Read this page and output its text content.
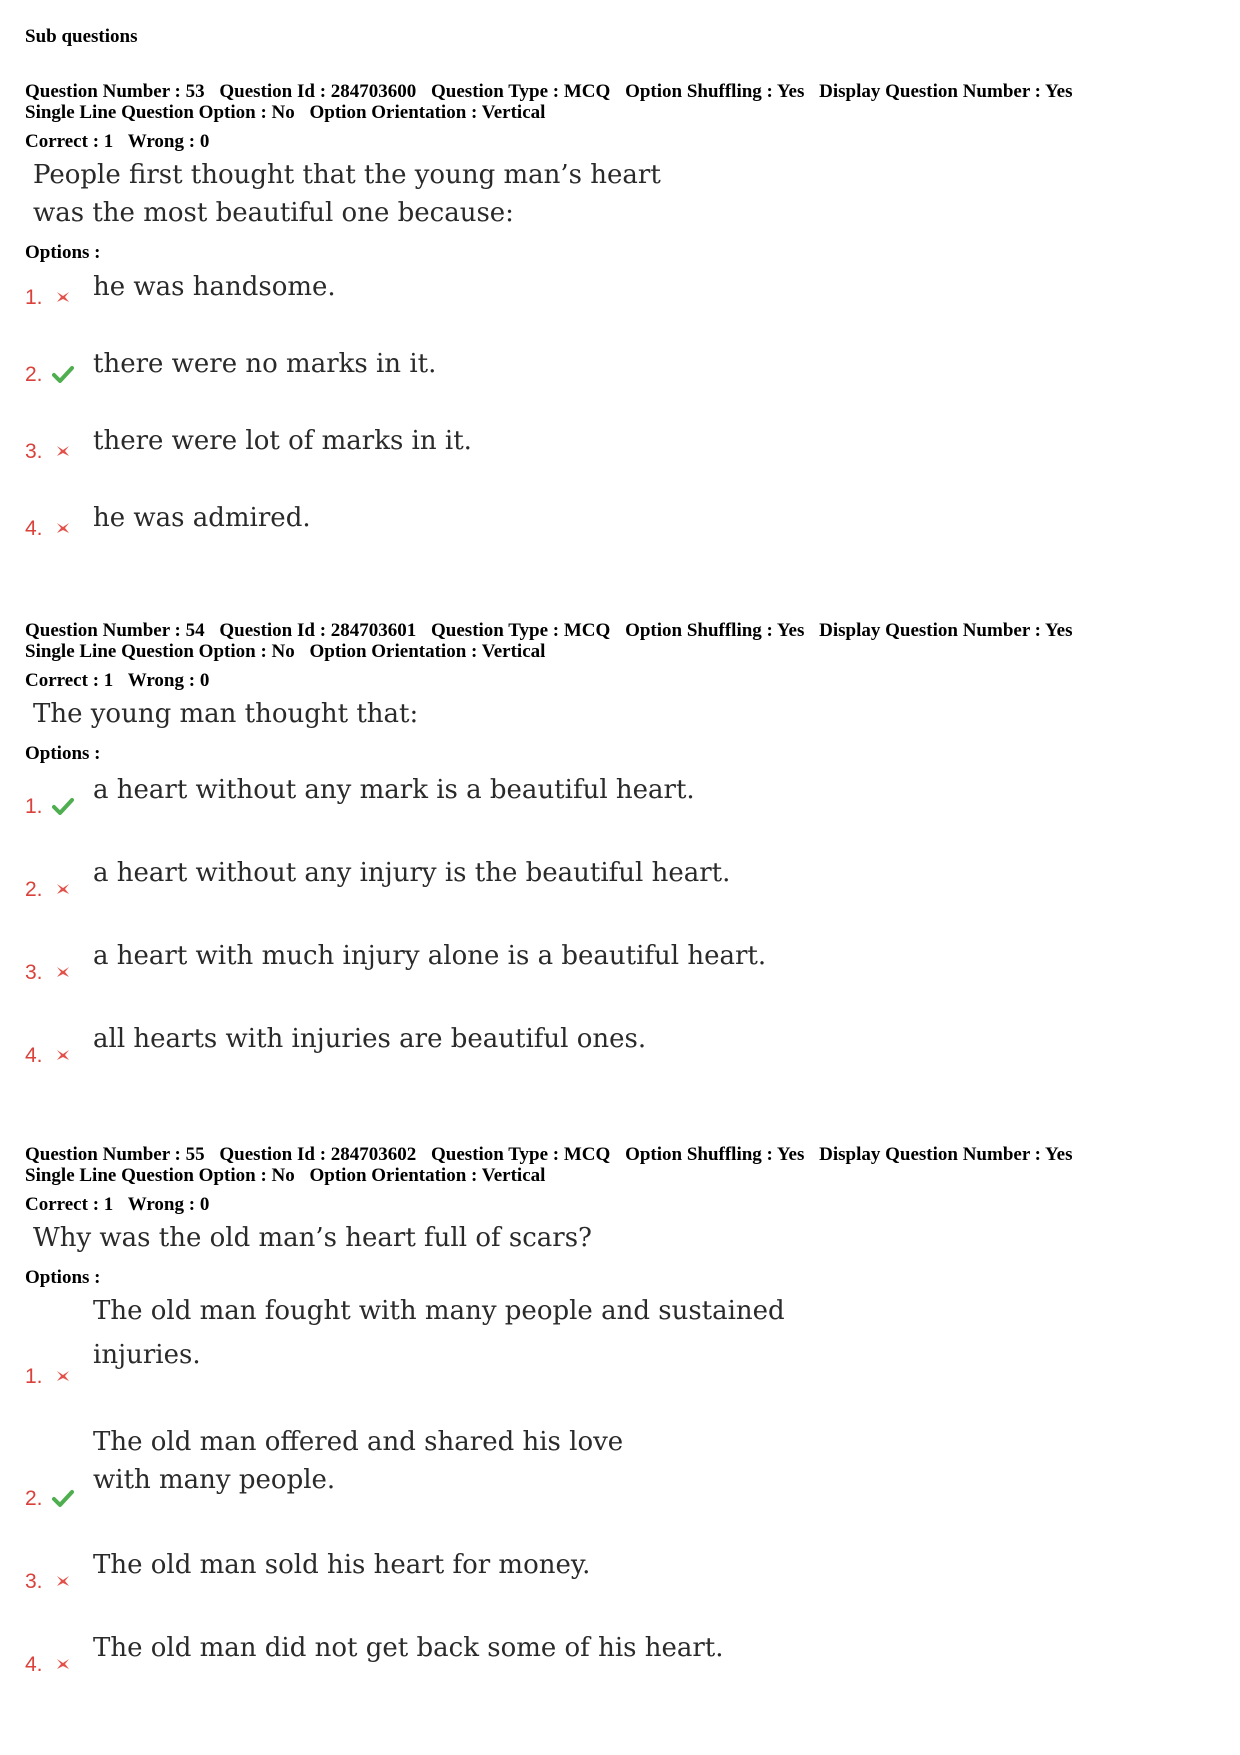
Sub questions
Question Number : 53 Question Id : 284703600 Question Type : MCQ Option Shuffling : Yes Display Question Number : Yes
Single Line Question Option : No Option Orientation : Vertical
Correct : 1 Wrong : 0
People first thought that the young man’s heart
was the most beautiful one because:
Options :
1. he was handsome.
2. there were no marks in it.
3. there were lot of marks in it.
4. he was admired.
Question Number : 54 Question Id : 284703601 Question Type : MCQ Option Shuffling : Yes Display Question Number : Yes
Single Line Question Option : No Option Orientation : Vertical
Correct : 1 Wrong : 0
The young man thought that:
Options :
1.
a heart without any mark is a beautiful heart.
2.
a heart without any injury is the beautiful heart.
3.
a heart with much injury alone is a beautiful heart.
4.
all hearts with injuries are beautiful ones.
Question Number : 55 Question Id : 284703602 Question Type : MCQ Option Shuffling : Yes Display Question Number : Yes
Single Line Question Option : No Option Orientation : Vertical
Correct : 1 Wrong : 0
Why was the old man’s heart full of scars?
Options :
1.
The old man fought with many people and sustained
injuries.
2.
The old man offered and shared his love
with many people.
3.
The old man sold his heart for money.
4.
The old man did not get back some of his heart.
